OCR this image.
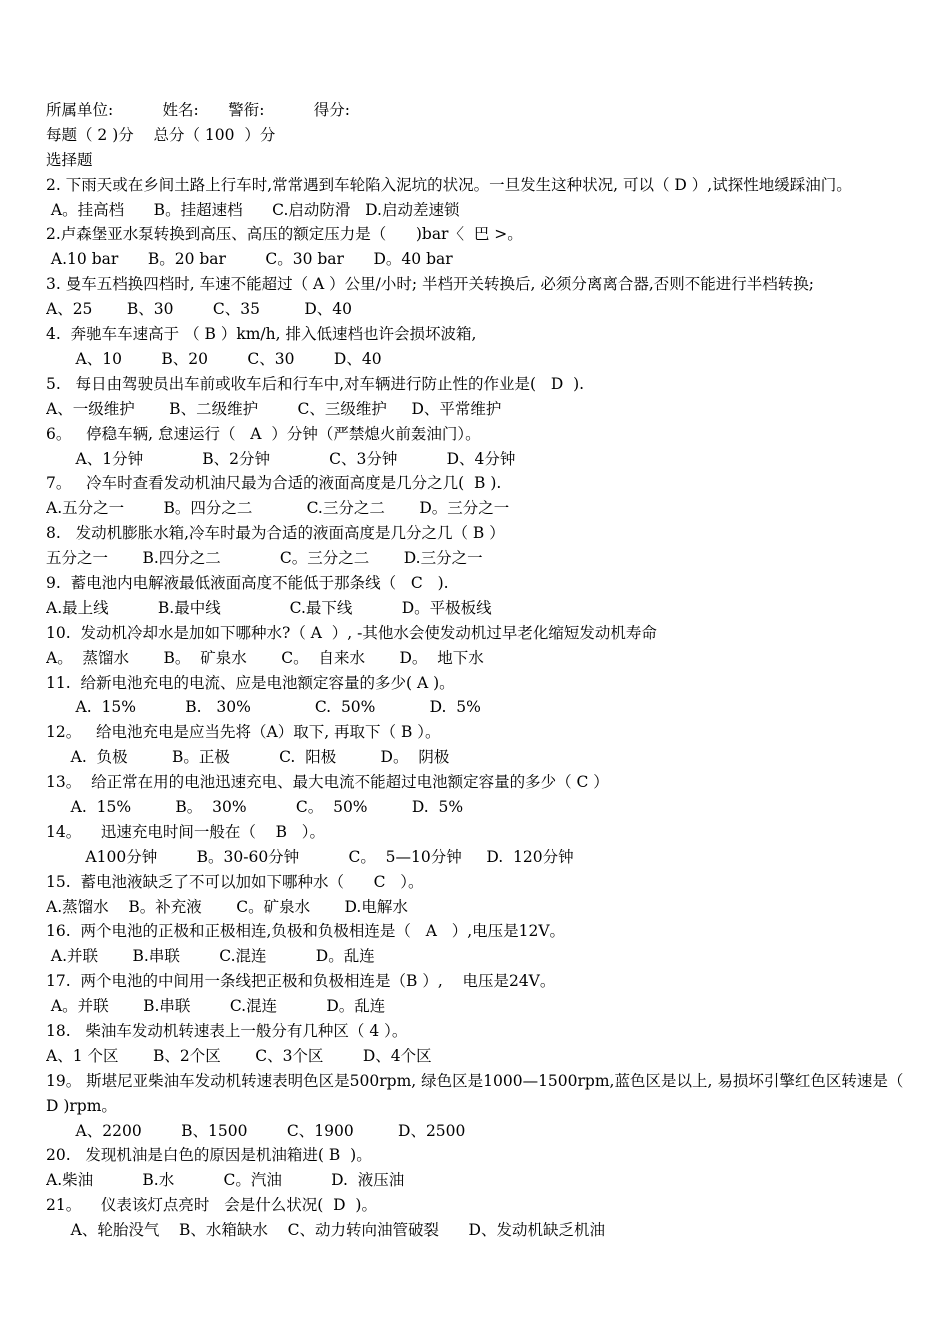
所属单位:          姓名:      警衔:          得分:
每题（ 2 )分    总分（ 100  ）分
选择题
2. 下雨天或在乡间土路上行车时,常常遇到车轮陷入泥坑的状况。一旦发生这种状况, 可以（ D ）,试探性地缓踩油门。
A。挂高档      B。挂超速档      C.启动防滑   D.启动差速锁
2.卢森堡亚水泵转换到高压、高压的额定压力是（      )bar〈  巴 >。
A.10 bar      B。20 bar        C。30 bar      D。40 bar
3. 曼车五档换四档时, 车速不能超过（ A ）公里/小时; 半档开关转换后, 必须分离离合器,否则不能进行半档转换;
A、25       B、30        C、35         D、40
4.  奔驰车车速高于 （ B ）km/h, 排入低速档也许会损坏波箱,
A、10        B、20        C、30        D、40
5.   每日由驾驶员出车前或收车后和行车中,对车辆进行防止性的作业是(   D  ).
A、一级维护       B、二级维护        C、三级维护     D、平常维护
6。   停稳车辆, 怠速运行（   A  ）分钟（严禁熄火前轰油门）。
A、1分钟            B、2分钟            C、3分钟          D、4分钟
7。   冷车时查看发动机油尺最为合适的液面高度是几分之几(  B ).
A.五分之一        B。四分之二           C.三分之二       D。三分之一
8.   发动机膨胀水箱,冷车时最为合适的液面高度是几分之几（ B ）
五分之一       B.四分之二            C。三分之二       D.三分之一
9.  蓄电池内电解液最低液面高度不能低于那条线（   C   ).
A.最上线          B.最中线              C.最下线          D。平极板线
10.  发动机冷却水是加如下哪种水?（ A  ）, -其他水会使发动机过早老化缩短发动机寿命
A。  蒸馏水       B。  矿泉水       C。  自来水       D。  地下水
11.  给新电池充电的电流、应是电池额定容量的多少( A )。
A.  15%          B.   30%             C.  50%           D.  5%
12。   给电池充电是应当先将（A）取下, 再取下（ B ）。
A.  负极         B。正极          C.  阳极         D。  阴极
13。  给正常在用的电池迅速充电、最大电流不能超过电池额定容量的多少（ C ）
A.  15%         B。  30%          C。  50%         D.  5%
14。    迅速充电时间一般在（    B   ）。
A100分钟        B。30-60分钟          C。  5—10分钟     D.  120分钟
15.  蓄电池液缺乏了不可以加如下哪种水（      C   ）。
A.蒸馏水    B。补充液       C。矿泉水       D.电解水
16.  两个电池的正极和正极相连,负极和负极相连是（   A   ）,电压是12V。
A.并联       B.串联        C.混连          D。乱连
17.  两个电池的中间用一条线把正极和负极相连是（B ）,    电压是24V。
A。并联       B.串联        C.混连          D。乱连
18.   柴油车发动机转速表上一般分有几种区（ 4 ）。
A、1 个区       B、2个区       C、3个区        D、4个区
19。 斯堪尼亚柴油车发动机转速表明色区是500rpm, 绿色区是1000—1500rpm,蓝色区是以上, 易损坏引擎红色区转速是（ D )rpm。
A、2200        B、1500        C、1900         D、2500
20.   发现机油是白色的原因是机油箱进( B  )。
A.柴油          B.水          C。汽油          D.  液压油
21。    仪表该灯点亮时   会是什么状况(  D  )。
A、轮胎没气    B、水箱缺水    C、动力转向油管破裂      D、发动机缺乏机油
